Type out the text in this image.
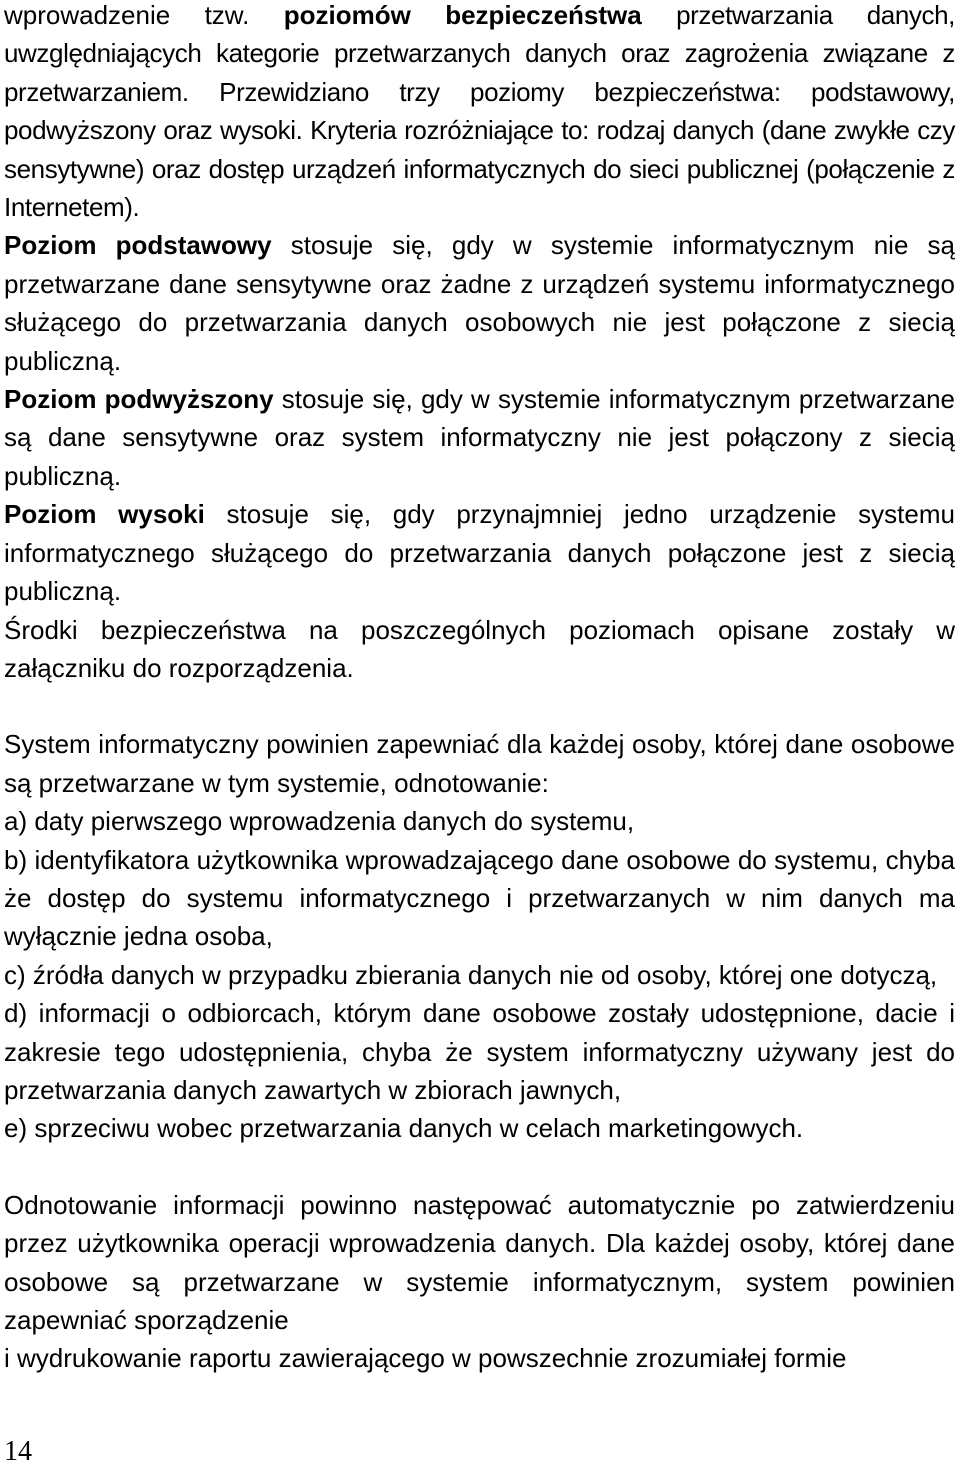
wprowadzenie tzw. poziomów bezpieczeństwa przetwarzania danych, uwzględniających kategorie przetwarzanych danych oraz zagrożenia związane z przetwarzaniem. Przewidziano trzy poziomy bezpieczeństwa: podstawowy, podwyższony oraz wysoki. Kryteria rozróżniające to: rodzaj danych (dane zwykłe czy sensytywne) oraz dostęp urządzeń informatycznych do sieci publicznej (połączenie z Internetem).

Poziom podstawowy stosuje się, gdy w systemie informatycznym nie są przetwarzane dane sensytywne oraz żadne z urządzeń systemu informatycznego służącego do przetwarzania danych osobowych nie jest połączone z siecią publiczną.

Poziom podwyższony stosuje się, gdy w systemie informatycznym przetwarzane są dane sensytywne oraz system informatyczny nie jest połączony z siecią publiczną.

Poziom wysoki stosuje się, gdy przynajmniej jedno urządzenie systemu informatycznego służącego do przetwarzania danych połączone jest z siecią publiczną.

Środki bezpieczeństwa na poszczególnych poziomach opisane zostały w załączniku do rozporządzenia.

System informatyczny powinien zapewniać dla każdej osoby, której dane osobowe są przetwarzane w tym systemie, odnotowanie:

a) daty pierwszego wprowadzenia danych do systemu,

b) identyfikatora użytkownika wprowadzającego dane osobowe do systemu, chyba że dostęp do systemu informatycznego i przetwarzanych w nim danych ma wyłącznie jedna osoba,

c) źródła danych w przypadku zbierania danych nie od osoby, której one dotyczą,

d) informacji o odbiorcach, którym dane osobowe zostały udostępnione, dacie i zakresie tego udostępnienia, chyba że system informatyczny używany jest do przetwarzania danych zawartych w zbiorach jawnych,

e) sprzeciwu wobec przetwarzania danych w celach marketingowych.

Odnotowanie informacji powinno następować automatycznie po zatwierdzeniu przez użytkownika operacji wprowadzenia danych. Dla każdej osoby, której dane osobowe są przetwarzane w systemie informatycznym, system powinien zapewniać sporządzenie

i wydrukowanie raportu zawierającego w powszechnie zrozumiałej formie

14
